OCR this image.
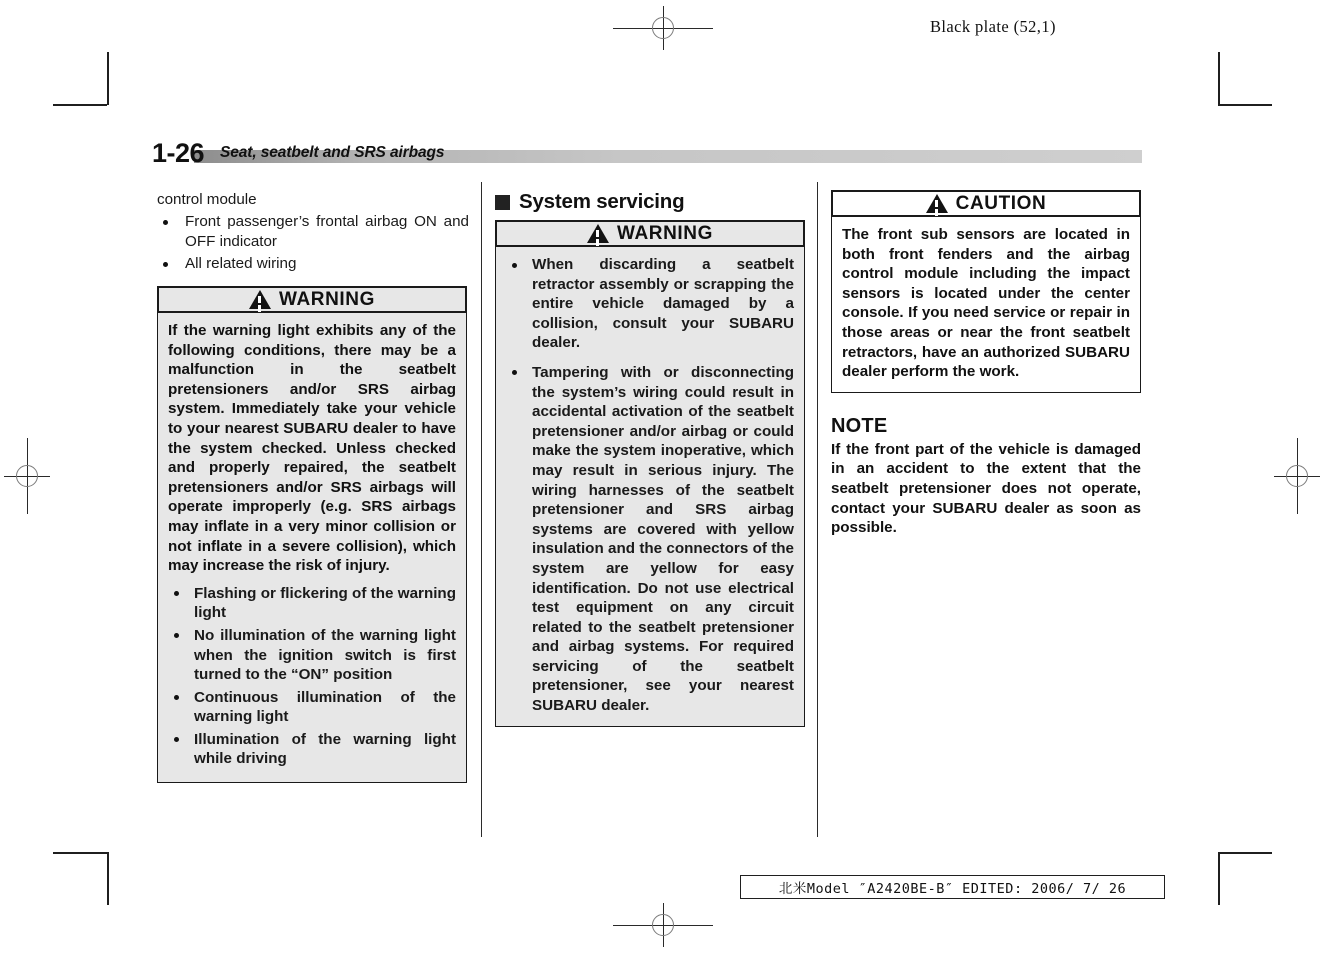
Black plate (52,1)
1-26 Seat, seatbelt and SRS airbags
control module
Front passenger’s frontal airbag ON and OFF indicator
All related wiring
WARNING

If the warning light exhibits any of the following conditions, there may be a malfunction in the seatbelt pretensioners and/or SRS airbag system. Immediately take your vehicle to your nearest SUBARU dealer to have the system checked. Unless checked and properly repaired, the seatbelt pretensioners and/or SRS airbags will operate improperly (e.g. SRS airbags may inflate in a very minor collision or not inflate in a severe collision), which may increase the risk of injury.

Flashing or flickering of the warning light
No illumination of the warning light when the ignition switch is first turned to the “ON” position
Continuous illumination of the warning light
Illumination of the warning light while driving
System servicing
WARNING
When discarding a seatbelt retractor assembly or scrapping the entire vehicle damaged by a collision, consult your SUBARU dealer.
Tampering with or disconnecting the system’s wiring could result in accidental activation of the seatbelt pretensioner and/or airbag or could make the system inoperative, which may result in serious injury. The wiring harnesses of the seatbelt pretensioner and SRS airbag systems are covered with yellow insulation and the connectors of the system are yellow for easy identification. Do not use electrical test equipment on any circuit related to the seatbelt pretensioner and airbag systems. For required servicing of the seatbelt pretensioner, see your nearest SUBARU dealer.
CAUTION

The front sub sensors are located in both front fenders and the airbag control module including the impact sensors is located under the center console. If you need service or repair in those areas or near the front seatbelt retractors, have an authorized SUBARU dealer perform the work.

NOTE
If the front part of the vehicle is damaged in an accident to the extent that the seatbelt pretensioner does not operate, contact your SUBARU dealer as soon as possible.
北米Model ″A2420BE-B″ EDITED: 2006/ 7/ 26
